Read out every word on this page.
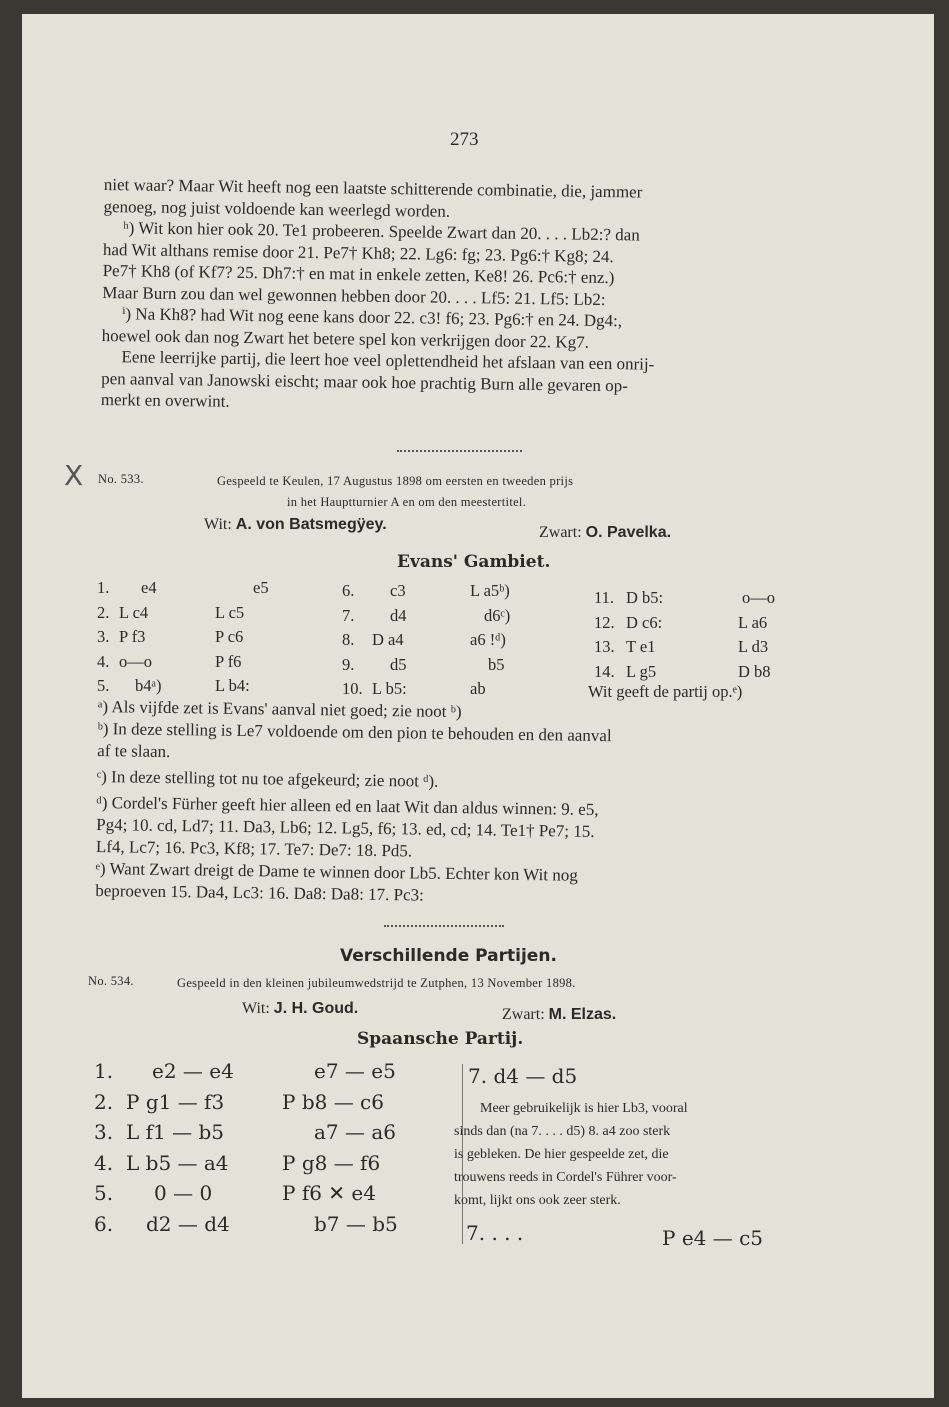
273

niet waar? Maar Wit heeft nog een laatste schitterende combinatie, die, jammer

genoeg, nog juist voldoende kan weerlegd worden.

ʰ) Wit kon hier ook 20. Te1 probeeren. Speelde Zwart dan 20. . . . Lb2:? dan

had Wit althans remise door 21. Pe7† Kh8; 22. Lg6: fg; 23. Pg6:† Kg8; 24.

Pe7† Kh8 (of Kf7? 25. Dh7:† en mat in enkele zetten, Ke8! 26. Pc6:† enz.)

Maar Burn zou dan wel gewonnen hebben door 20. . . . Lf5: 21. Lf5: Lb2:

ⁱ) Na Kh8? had Wit nog eene kans door 22. c3! f6; 23. Pg6:† en 24. Dg4:,

hoewel ook dan nog Zwart het betere spel kon verkrijgen door 22. Kg7.

Eene leerrijke partij, die leert hoe veel oplettendheid het afslaan van een onrij-

pen aanval van Janowski eischt; maar ook hoe prachtig Burn alle gevaren op-

merkt en overwint.

X No. 533.	Gespeeld te Keulen, 17 Augustus 1898 om eersten en tweeden prijs
in het Hauptturnier A en om den meestertitel.
Wit: A. von Batsmegÿey.	Zwart: O. Pavelka.
Evans' Gambiet.
1. e4	e5
2. L c4	L c5
3. P f3	P c6
4. o—o	P f6
5. b4ᵃ)	L b4:
6. c3	L a5ᵇ)
7. d4	d6ᶜ)
8. D a4	a6 !ᵈ)
9. d5	b5
10. L b5:	ab
11. D b5:	o—o
12. D c6:	L a6
13. T e1	L d3
14. L g5	D b8
Wit geeft de partij op.ᵉ)

ᵃ) Als vijfde zet is Evans' aanval niet goed; zie noot ᵇ)

ᵇ) In deze stelling is Le7 voldoende om den pion te behouden en den aanval

af te slaan.

ᶜ) In deze stelling tot nu toe afgekeurd; zie noot ᵈ).

ᵈ) Cordel's Fürher geeft hier alleen ed en laat Wit dan aldus winnen: 9. e5,

Pg4; 10. cd, Ld7; 11. Da3, Lb6; 12. Lg5, f6; 13. ed, cd; 14. Te1† Pe7; 15.

Lf4, Lc7; 16. Pc3, Kf8; 17. Te7: De7: 18. Pd5.

ᵉ) Want Zwart dreigt de Dame te winnen door Lb5. Echter kon Wit nog

beproeven 15. Da4, Lc3: 16. Da8: Da8: 17. Pc3:

Verschillende Partijen.
No. 534.	Gespeeld in den kleinen jubileumwedstrijd te Zutphen, 13 November 1898.
Wit: J. H. Goud.	Zwart: M. Elzas.
Spaansche Partij.
1. e2 — e4	e7 — e5
2. P g1 — f3	P b8 — c6
3. L f1 — b5	a7 — a6
4. L b5 — a4	P g8 — f6
5. 0 — 0	P f6 ✕ e4
6. d2 — d4	b7 — b5
7. d4 — d5

Meer gebruikelijk is hier Lb3, vooral

sinds dan (na 7. . . . d5) 8. a4 zoo sterk

is gebleken. De hier gespeelde zet, die

trouwens reeds in Cordel's Führer voor-

komt, lijkt ons ook zeer sterk.

7. . . .	P e4 — c5
